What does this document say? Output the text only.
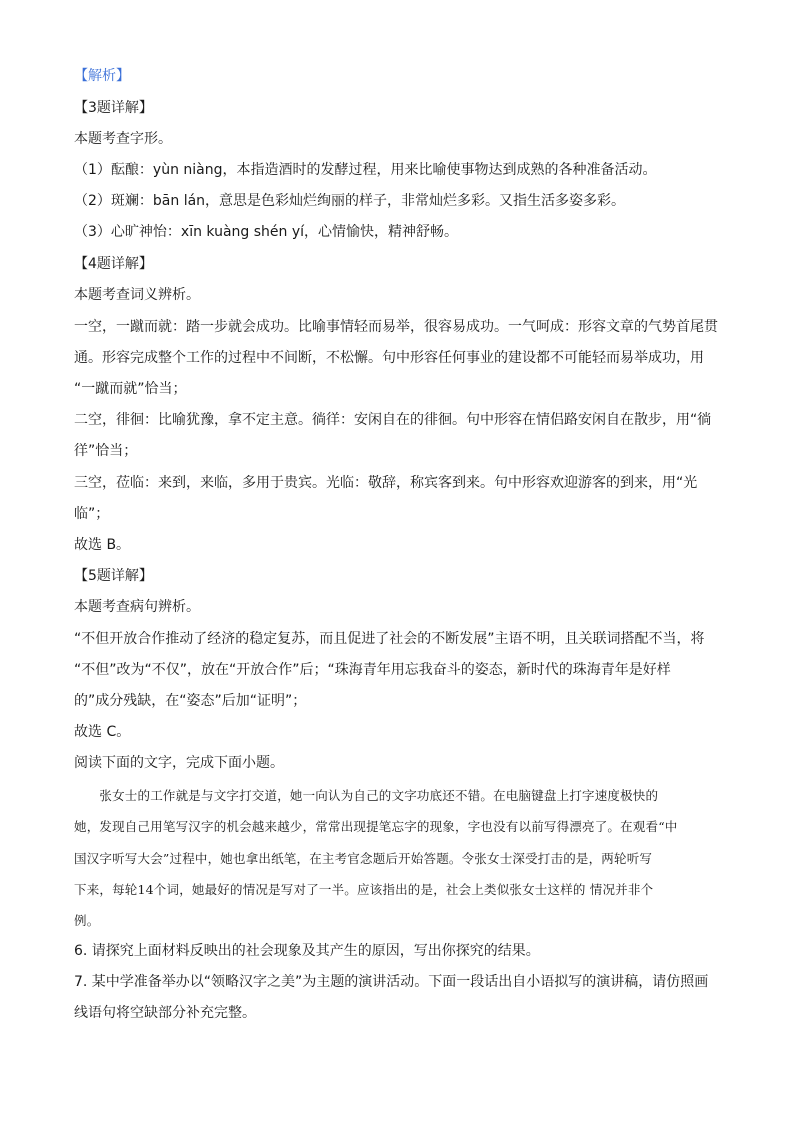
【解析】
【3题详解】
本题考查字形。
（1）酝酿：yùn niàng，本指造酒时的发酵过程，用来比喻使事物达到成熟的各种准备活动。
（2）斑斓：bān lán，意思是色彩灿烂绚丽的样子，非常灿烂多彩。又指生活多姿多彩。
（3）心旷神怡：xīn kuàng shén yí，心情愉快，精神舒畅。
【4题详解】
本题考查词义辨析。
一空，一蹴而就：踏一步就会成功。比喻事情轻而易举，很容易成功。一气呵成：形容文章的气势首尾贯
通。形容完成整个工作的过程中不间断，不松懈。句中形容任何事业的建设都不可能轻而易举成功，用
“一蹴而就”恰当；
二空，徘徊：比喻犹豫，拿不定主意。徜徉：安闲自在的徘徊。句中形容在情侣路安闲自在散步，用“徜
徉”恰当；
三空，莅临：来到，来临，多用于贵宾。光临：敬辞，称宾客到来。句中形容欢迎游客的到来，用“光
临”；
故选 B。
【5题详解】
本题考查病句辨析。
“不但开放合作推动了经济的稳定复苏，而且促进了社会的不断发展”主语不明，且关联词搭配不当，将
“不但”改为“不仅”，放在“开放合作”后；“珠海青年用忘我奋斗的姿态，新时代的珠海青年是好样
的”成分残缺，在“姿态”后加“证明”；
故选 C。
阅读下面的文字，完成下面小题。
　　张女士的工作就是与文字打交道，她一向认为自己的文字功底还不错。在电脑键盘上打字速度极快的
她，发现自己用笔写汉字的机会越来越少，常常出现提笔忘字的现象，字也没有以前写得漂亮了。在观看“中
国汉字听写大会”过程中，她也拿出纸笔，在主考官念题后开始答题。令张女士深受打击的是，两轮听写
下来，每轮14个词，她最好的情况是写对了一半。应该指出的是，社会上类似张女士这样的 情况并非个
例。
6. 请探究上面材料反映出的社会现象及其产生的原因，写出你探究的结果。
7. 某中学准备举办以“领略汉字之美”为主题的演讲活动。下面一段话出自小语拟写的演讲稿，请仿照画
线语句将空缺部分补充完整。
